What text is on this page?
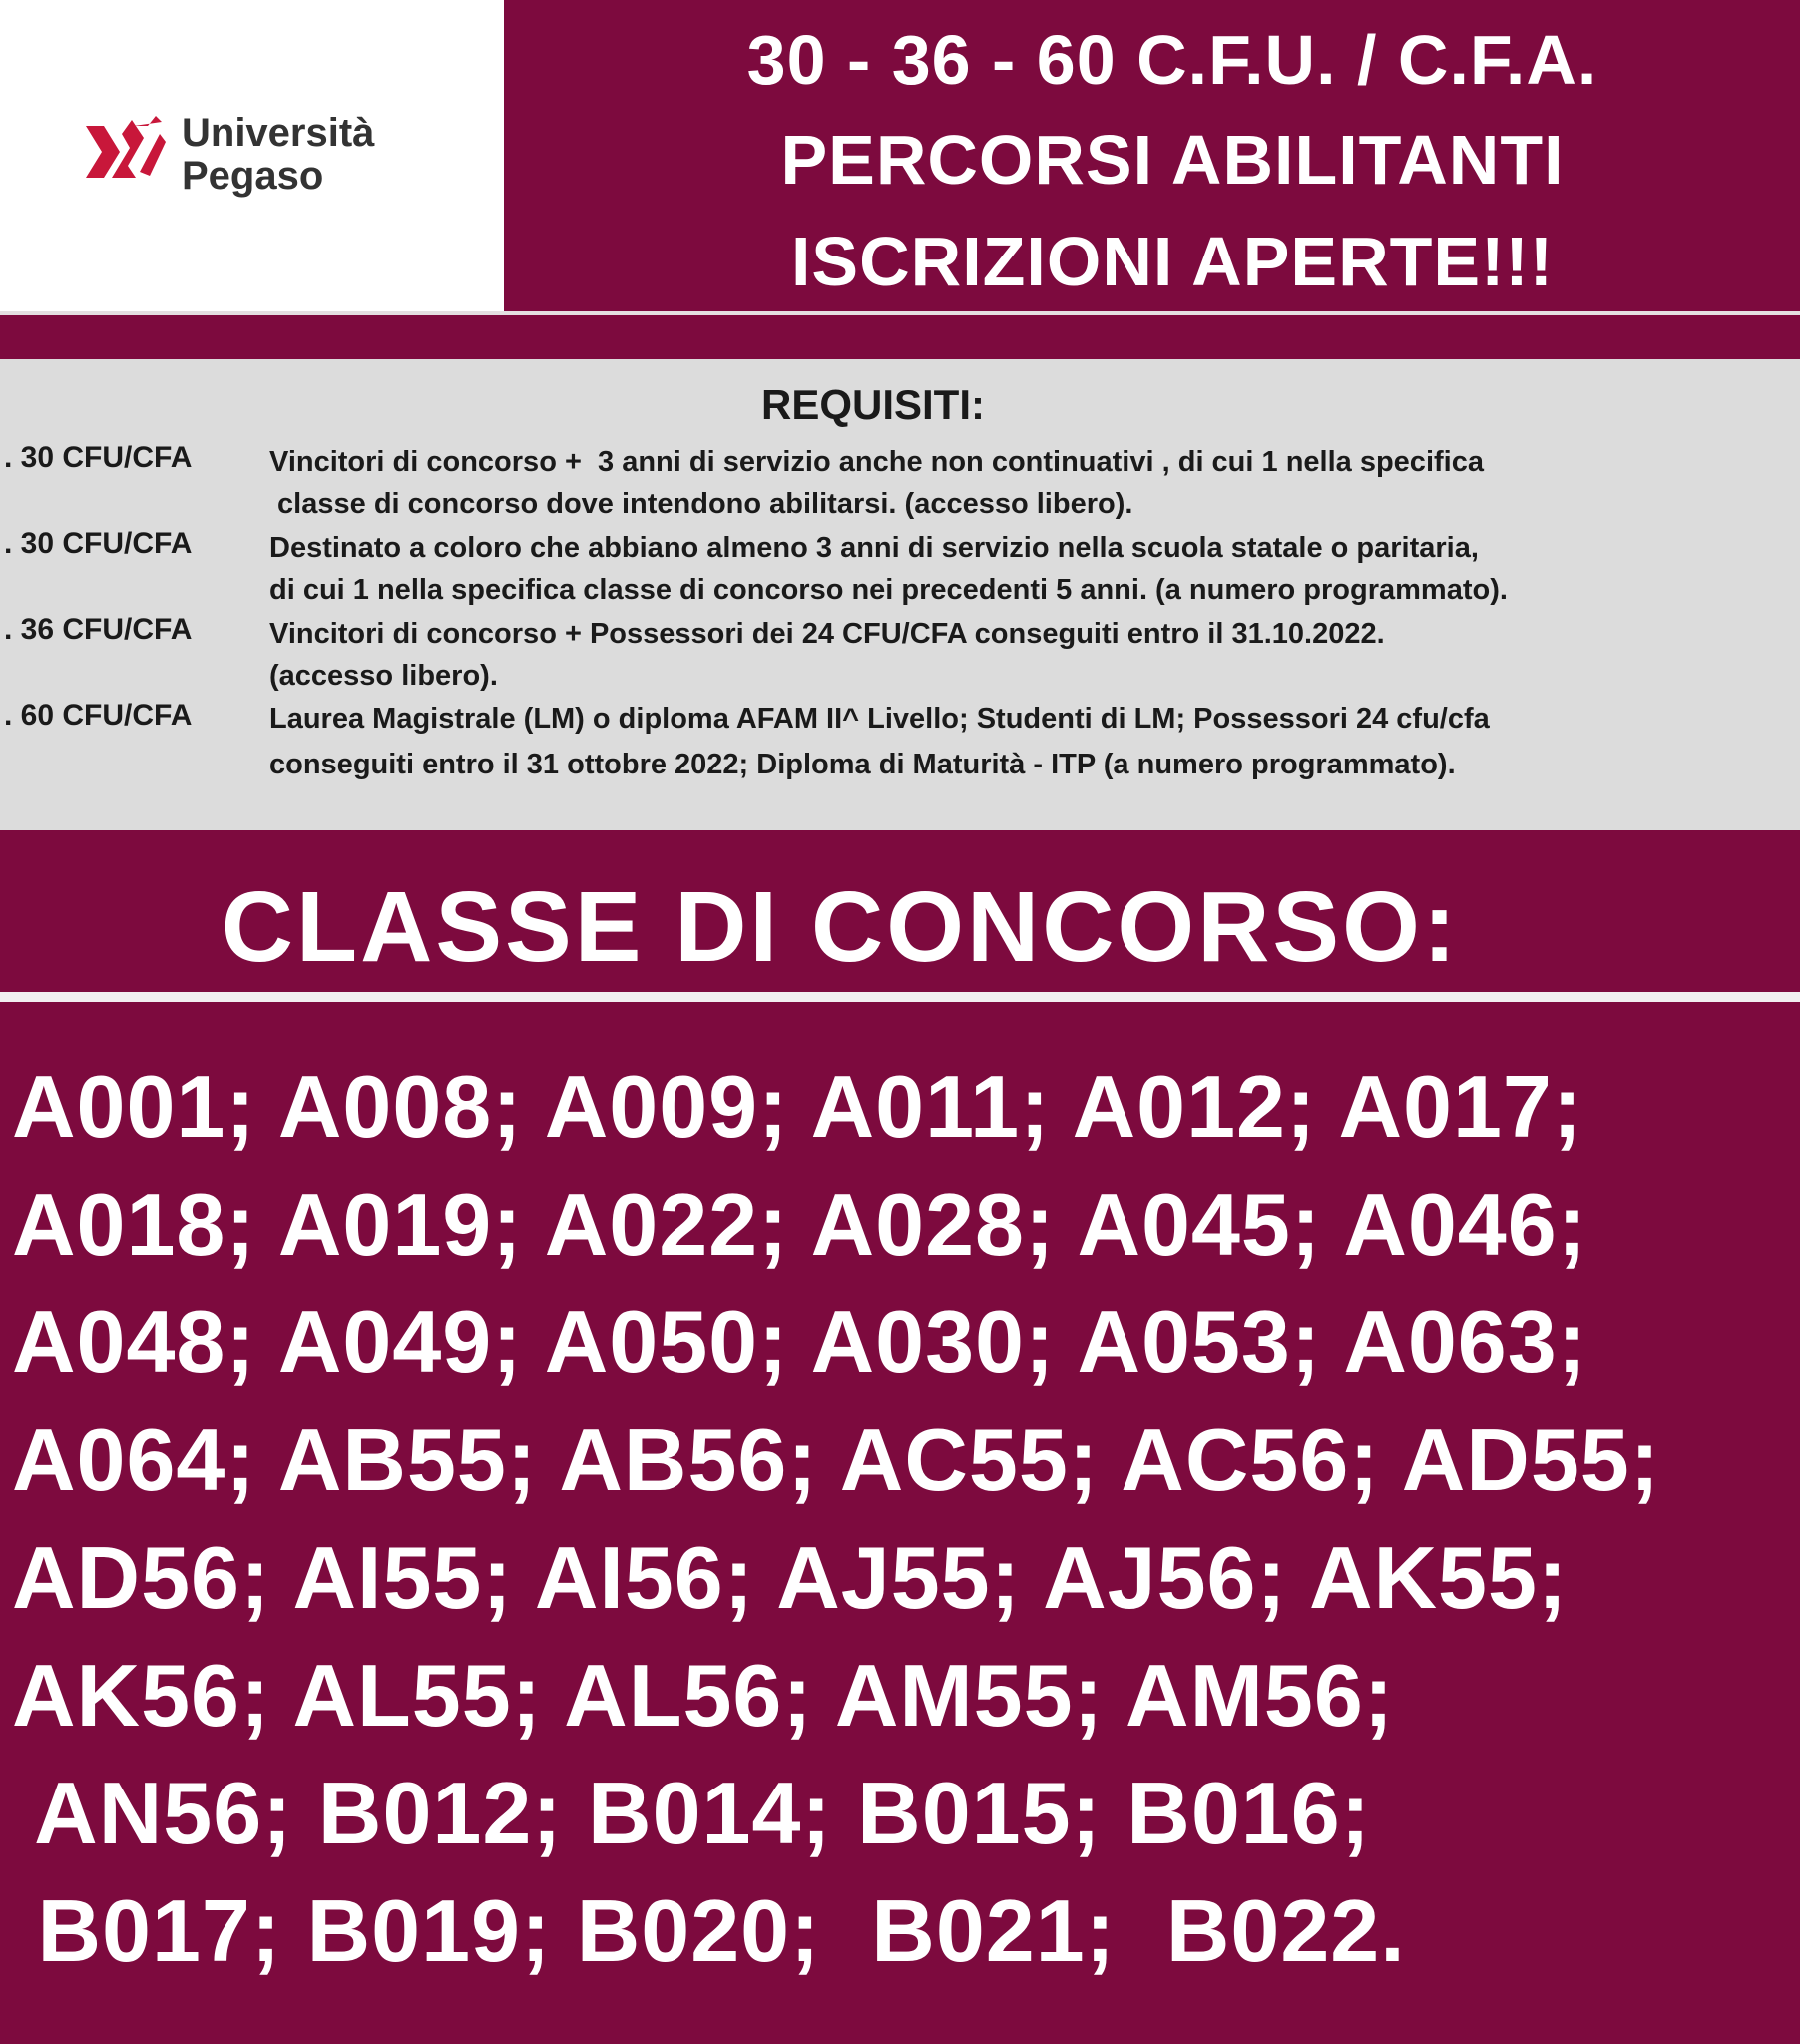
Università
Pegaso
30 - 36 - 60 C.F.U. / C.F.A.
PERCORSI ABILITANTI
ISCRIZIONI APERTE!!!
REQUISITI:
. 30 CFU/CFA	Vincitori di concorso +  3 anni di servizio anche non continuativi , di cui 1 nella specifica
classe di concorso dove intendono abilitarsi. (accesso libero).
. 30 CFU/CFA	Destinato a coloro che abbiano almeno 3 anni di servizio nella scuola statale o paritaria,
di cui 1 nella specifica classe di concorso nei precedenti 5 anni. (a numero programmato).
. 36 CFU/CFA	Vincitori di concorso + Possessori dei 24 CFU/CFA conseguiti entro il 31.10.2022.
(accesso libero).
. 60 CFU/CFA	Laurea Magistrale (LM) o diploma AFAM II^ Livello; Studenti di LM; Possessori 24 cfu/cfa
conseguiti entro il 31 ottobre 2022; Diploma di Maturità - ITP (a numero programmato).
CLASSE DI CONCORSO:
A001; A008; A009; A011; A012; A017;
A018; A019; A022; A028; A045; A046;
A048; A049; A050; A030; A053; A063;
A064; AB55; AB56; AC55; AC56; AD55;
AD56; AI55; AI56; AJ55; AJ56; AK55;
AK56; AL55; AL56; AM55; AM56;
AN56; B012; B014; B015; B016;
B017; B019; B020;  B021;  B022.
